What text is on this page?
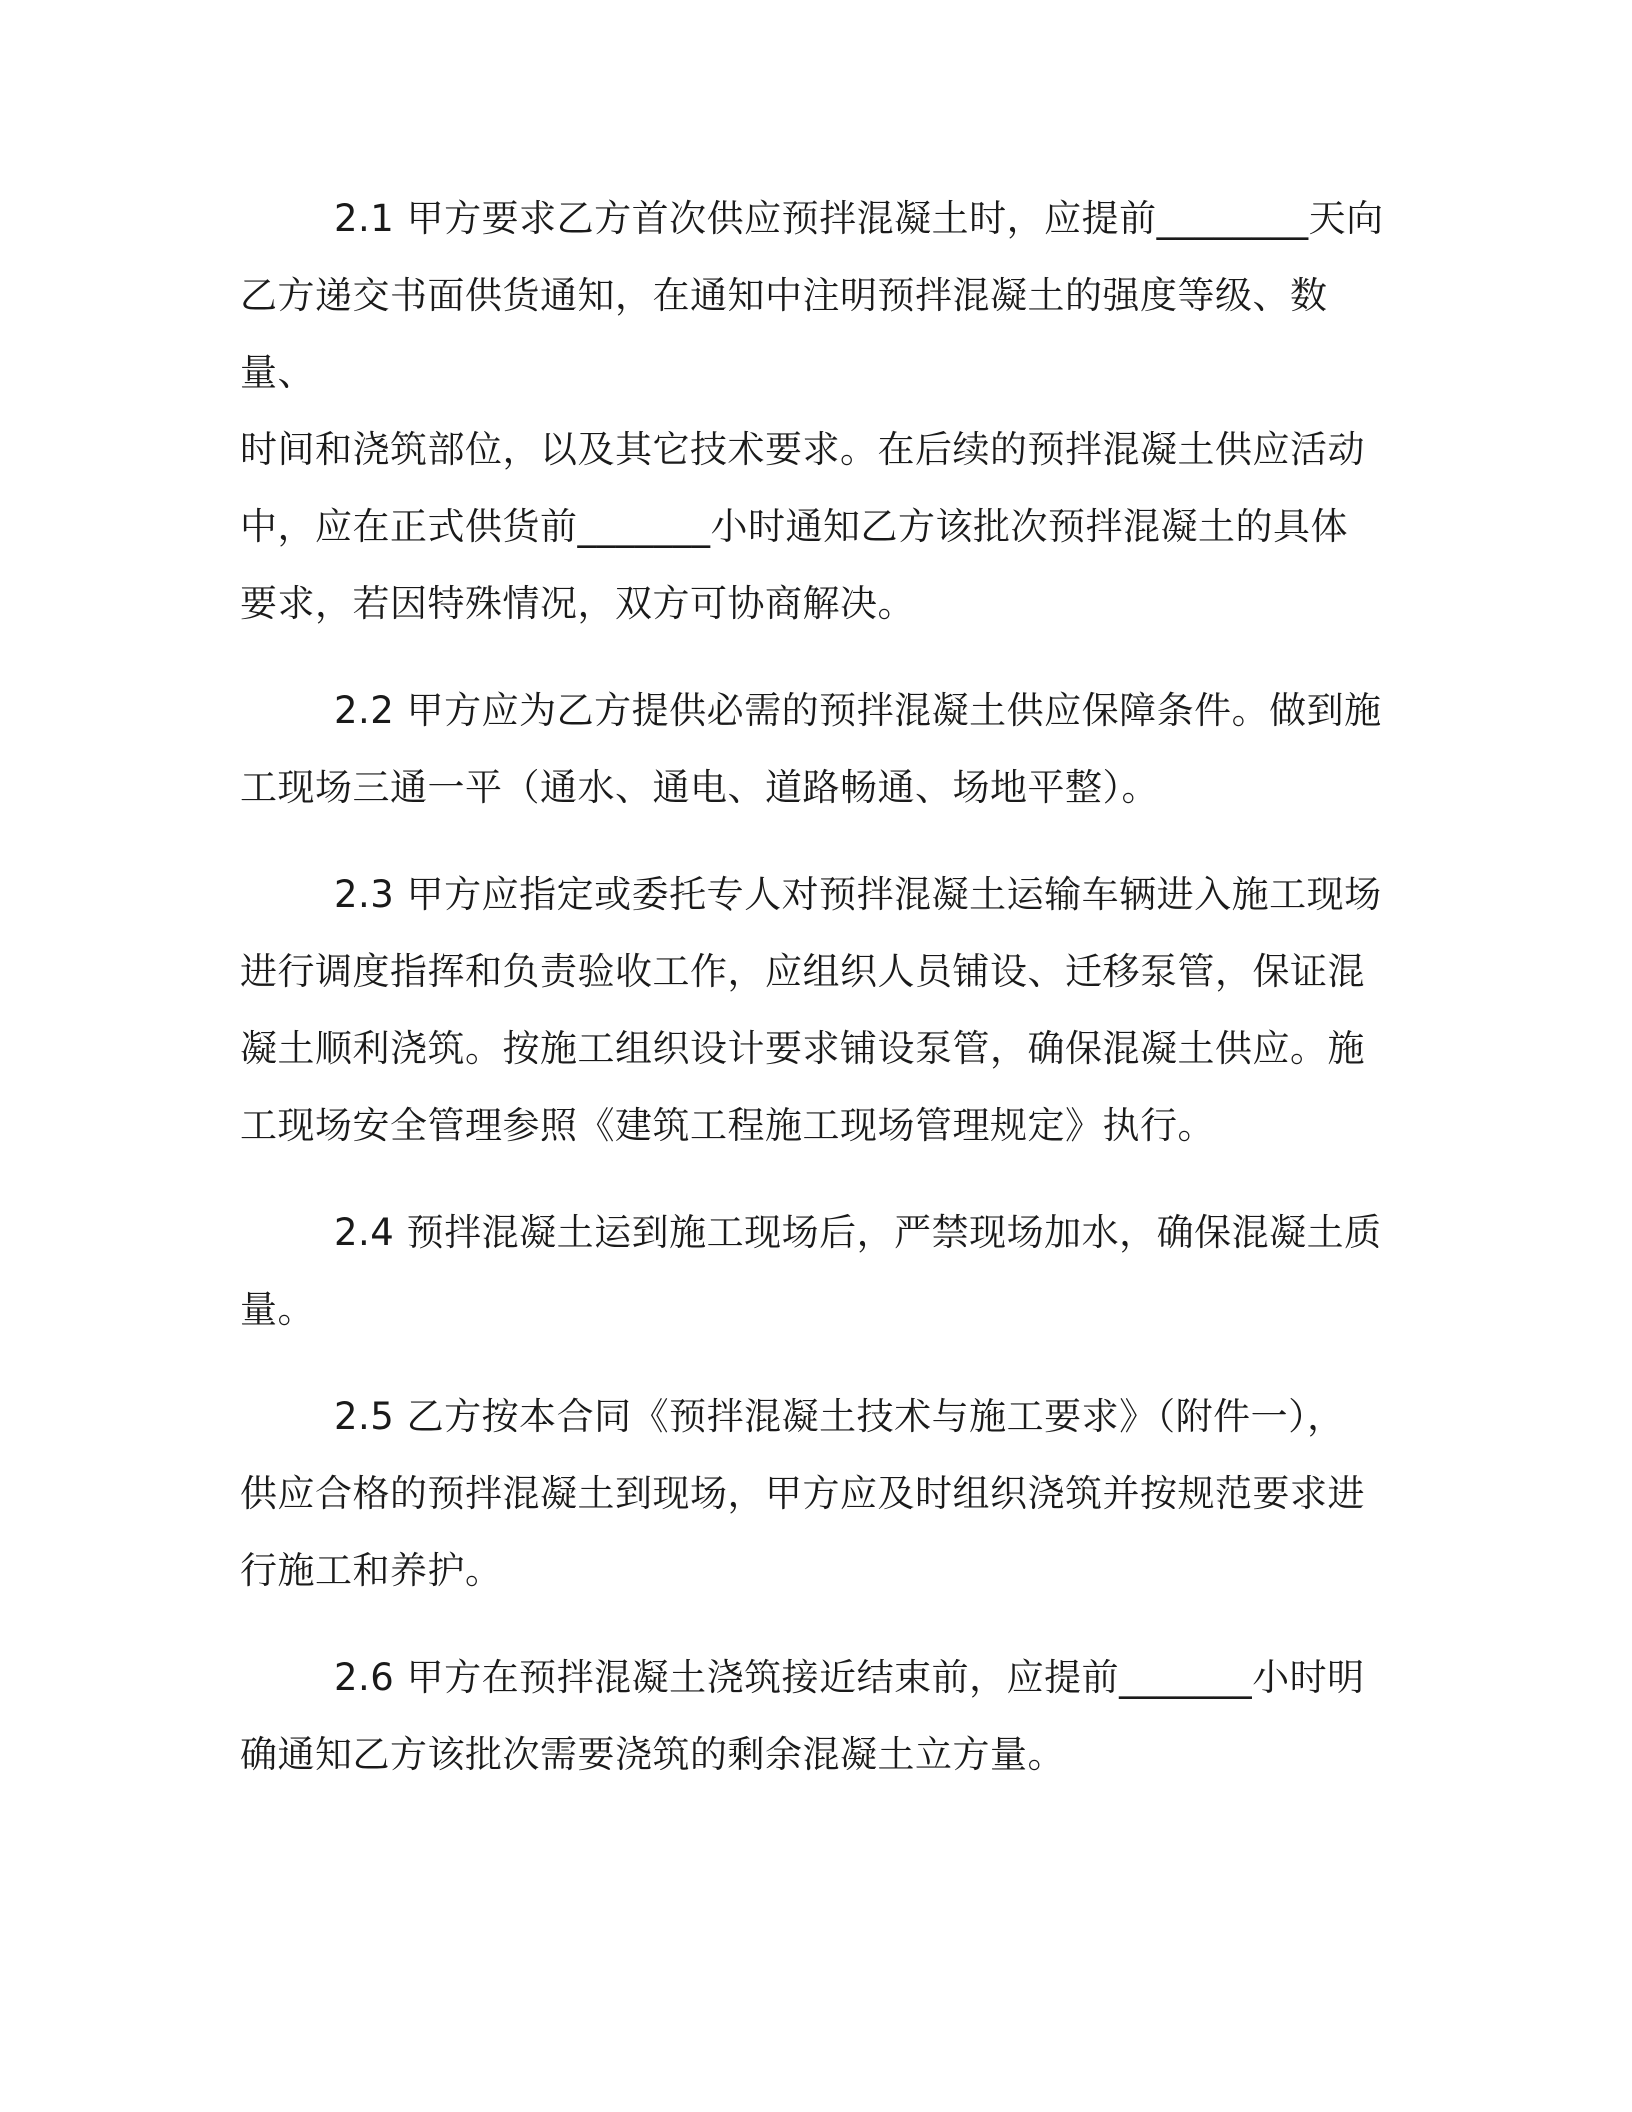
2.1 甲方要求乙方首次供应预拌混凝土时，应提前________天向
乙方递交书面供货通知，在通知中注明预拌混凝土的强度等级、数量、
时间和浇筑部位，以及其它技术要求。在后续的预拌混凝土供应活动
中，应在正式供货前_______小时通知乙方该批次预拌混凝土的具体
要求，若因特殊情况，双方可协商解决。

2.2 甲方应为乙方提供必需的预拌混凝土供应保障条件。做到施
工现场三通一平（通水、通电、道路畅通、场地平整）。

2.3 甲方应指定或委托专人对预拌混凝土运输车辆进入施工现场
进行调度指挥和负责验收工作，应组织人员铺设、迁移泵管，保证混
凝土顺利浇筑。按施工组织设计要求铺设泵管，确保混凝土供应。施
工现场安全管理参照《建筑工程施工现场管理规定》执行。

2.4 预拌混凝土运到施工现场后，严禁现场加水，确保混凝土质
量。

2.5 乙方按本合同《预拌混凝土技术与施工要求》（附件一），
供应合格的预拌混凝土到现场，甲方应及时组织浇筑并按规范要求进
行施工和养护。

2.6 甲方在预拌混凝土浇筑接近结束前，应提前_______小时明
确通知乙方该批次需要浇筑的剩余混凝土立方量。
